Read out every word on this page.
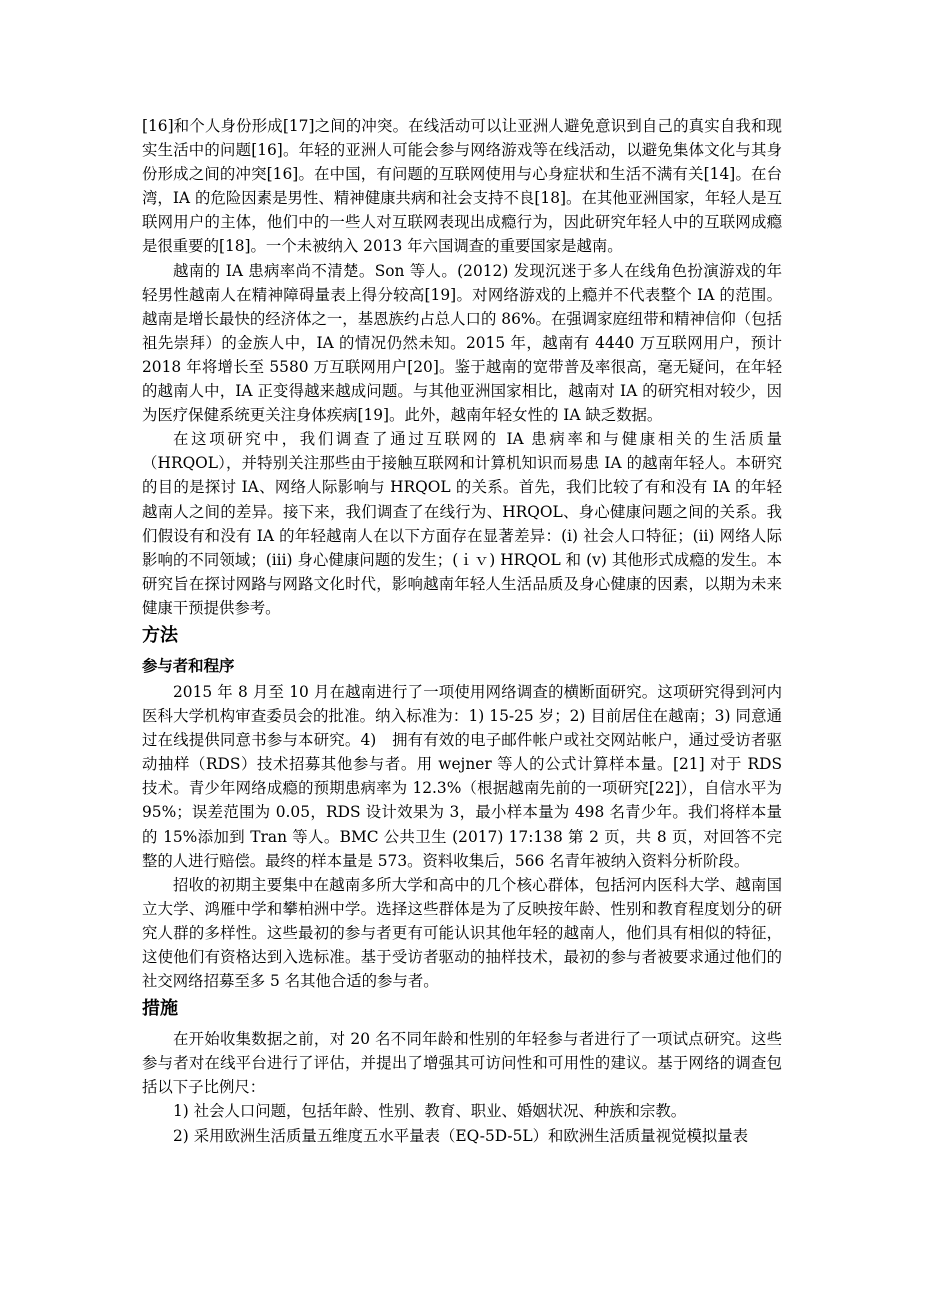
[16]和个人身份形成[17]之间的冲突。在线活动可以让亚洲人避免意识到自己的真实自我和现实生活中的问题[16]。年轻的亚洲人可能会参与网络游戏等在线活动，以避免集体文化与其身份形成之间的冲突[16]。在中国，有问题的互联网使用与心身症状和生活不满有关[14]。在台湾，IA 的危险因素是男性、精神健康共病和社会支持不良[18]。在其他亚洲国家，年轻人是互联网用户的主体，他们中的一些人对互联网表现出成瘾行为，因此研究年轻人中的互联网成瘾是很重要的[18]。一个未被纳入 2013 年六国调查的重要国家是越南。

越南的 IA 患病率尚不清楚。Son 等人。(2012) 发现沉迷于多人在线角色扮演游戏的年轻男性越南人在精神障碍量表上得分较高[19]。对网络游戏的上瘾并不代表整个 IA 的范围。越南是增长最快的经济体之一，基恩族约占总人口的 86%。在强调家庭纽带和精神信仰（包括祖先崇拜）的金族人中，IA 的情况仍然未知。2015 年，越南有 4440 万互联网用户，预计 2018 年将增长至 5580 万互联网用户[20]。鉴于越南的宽带普及率很高，毫无疑问，在年轻的越南人中，IA 正变得越来越成问题。与其他亚洲国家相比，越南对 IA 的研究相对较少，因为医疗保健系统更关注身体疾病[19]。此外，越南年轻女性的 IA 缺乏数据。

在这项研究中，我们调查了通过互联网的 IA 患病率和与健康相关的生活质量（HRQOL），并特别关注那些由于接触互联网和计算机知识而易患 IA 的越南年轻人。本研究的目的是探讨 IA、网络人际影响与 HRQOL 的关系。首先，我们比较了有和没有 IA 的年轻越南人之间的差异。接下来，我们调查了在线行为、HRQOL、身心健康问题之间的关系。我们假设有和没有 IA 的年轻越南人在以下方面存在显著差异：(i) 社会人口特征；(ii) 网络人际影响的不同领域；(iii) 身心健康问题的发生；(ｉｖ) HRQOL 和 (v) 其他形式成瘾的发生。本研究旨在探讨网路与网路文化时代，影响越南年轻人生活品质及身心健康的因素，以期为未来健康干预提供参考。

方法
参与者和程序

2015 年 8 月至 10 月在越南进行了一项使用网络调查的横断面研究。这项研究得到河内医科大学机构审查委员会的批准。纳入标准为：1) 15-25 岁；2) 目前居住在越南；3) 同意通过在线提供同意书参与本研究。4)　拥有有效的电子邮件帐户或社交网站帐户，通过受访者驱动抽样（RDS）技术招募其他参与者。用 wejner 等人的公式计算样本量。[21] 对于 RDS 技术。青少年网络成瘾的预期患病率为 12.3%（根据越南先前的一项研究[22]），自信水平为 95%；误差范围为 0.05，RDS 设计效果为 3，最小样本量为 498 名青少年。我们将样本量的 15%添加到 Tran 等人。BMC 公共卫生 (2017) 17:138 第 2 页，共 8 页，对回答不完整的人进行赔偿。最终的样本量是 573。资料收集后，566 名青年被纳入资料分析阶段。

招收的初期主要集中在越南多所大学和高中的几个核心群体，包括河内医科大学、越南国立大学、鸿雁中学和攀柏洲中学。选择这些群体是为了反映按年龄、性别和教育程度划分的研究人群的多样性。这些最初的参与者更有可能认识其他年轻的越南人，他们具有相似的特征，这使他们有资格达到入选标准。基于受访者驱动的抽样技术，最初的参与者被要求通过他们的社交网络招募至多 5 名其他合适的参与者。

措施

在开始收集数据之前，对 20 名不同年龄和性别的年轻参与者进行了一项试点研究。这些参与者对在线平台进行了评估，并提出了增强其可访问性和可用性的建议。基于网络的调查包括以下子比例尺：

1) 社会人口问题，包括年龄、性别、教育、职业、婚姻状况、种族和宗教。

2) 采用欧洲生活质量五维度五水平量表（EQ-5D-5L）和欧洲生活质量视觉模拟量表
